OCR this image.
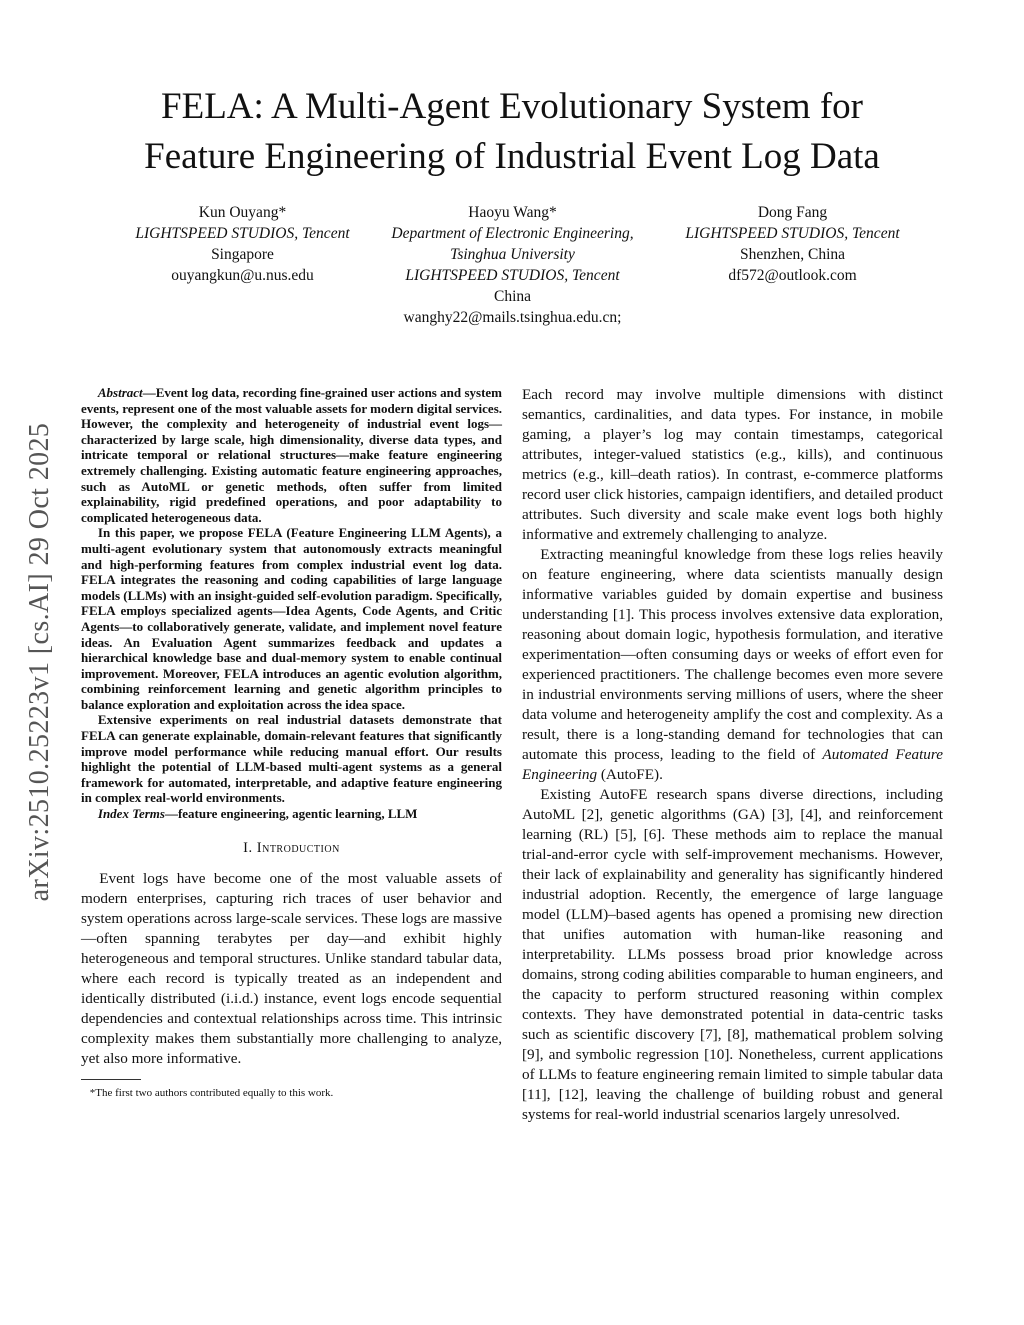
FELA: A Multi-Agent Evolutionary System for
Feature Engineering of Industrial Event Log Data
Kun Ouyang*
LIGHTSPEED STUDIOS, Tencent
Singapore
ouyangkun@u.nus.edu
Haoyu Wang*
Department of Electronic Engineering,
Tsinghua University
LIGHTSPEED STUDIOS, Tencent
China
wanghy22@mails.tsinghua.edu.cn;
Dong Fang
LIGHTSPEED STUDIOS, Tencent
Shenzhen, China
df572@outlook.com
arXiv:2510.25223v1 [cs.AI] 29 Oct 2025

Abstract—Event log data, recording fine-grained user actions and system events, represent one of the most valuable assets for modern digital services. However, the complexity and heterogeneity of industrial event logs—characterized by large scale, high dimensionality, diverse data types, and intricate temporal or relational structures—make feature engineering extremely challenging. Existing automatic feature engineering approaches, such as AutoML or genetic methods, often suffer from limited explainability, rigid predefined operations, and poor adaptability to complicated heterogeneous data.

In this paper, we propose FELA (Feature Engineering LLM Agents), a multi-agent evolutionary system that autonomously extracts meaningful and high-performing features from complex industrial event log data. FELA integrates the reasoning and coding capabilities of large language models (LLMs) with an insight-guided self-evolution paradigm. Specifically, FELA employs specialized agents—Idea Agents, Code Agents, and Critic Agents—to collaboratively generate, validate, and implement novel feature ideas. An Evaluation Agent summarizes feedback and updates a hierarchical knowledge base and dual-memory system to enable continual improvement. Moreover, FELA introduces an agentic evolution algorithm, combining reinforcement learning and genetic algorithm principles to balance exploration and exploitation across the idea space.

Extensive experiments on real industrial datasets demonstrate that FELA can generate explainable, domain-relevant features that significantly improve model performance while reducing manual effort. Our results highlight the potential of LLM-based multi-agent systems as a general framework for automated, interpretable, and adaptive feature engineering in complex real-world environments.

Index Terms—feature engineering, agentic learning, LLM

I. Introduction

Event logs have become one of the most valuable assets of modern enterprises, capturing rich traces of user behavior and system operations across large-scale services. These logs are massive—often spanning terabytes per day—and exhibit highly heterogeneous and temporal structures. Unlike standard tabular data, where each record is typically treated as an independent and identically distributed (i.i.d.) instance, event logs encode sequential dependencies and contextual relationships across time. This intrinsic complexity makes them substantially more challenging to analyze, yet also more informative.

*The first two authors contributed equally to this work.

Each record may involve multiple dimensions with distinct semantics, cardinalities, and data types. For instance, in mobile gaming, a player’s log may contain timestamps, categorical attributes, integer-valued statistics (e.g., kills), and continuous metrics (e.g., kill–death ratios). In contrast, e-commerce platforms record user click histories, campaign identifiers, and detailed product attributes. Such diversity and scale make event logs both highly informative and extremely challenging to analyze.

Extracting meaningful knowledge from these logs relies heavily on feature engineering, where data scientists manually design informative variables guided by domain expertise and business understanding [1]. This process involves extensive data exploration, reasoning about domain logic, hypothesis formulation, and iterative experimentation—often consuming days or weeks of effort even for experienced practitioners. The challenge becomes even more severe in industrial environments serving millions of users, where the sheer data volume and heterogeneity amplify the cost and complexity. As a result, there is a long-standing demand for technologies that can automate this process, leading to the field of Automated Feature Engineering (AutoFE).

Existing AutoFE research spans diverse directions, including AutoML [2], genetic algorithms (GA) [3], [4], and reinforcement learning (RL) [5], [6]. These methods aim to replace the manual trial-and-error cycle with self-improvement mechanisms. However, their lack of explainability and generality has significantly hindered industrial adoption. Recently, the emergence of large language model (LLM)–based agents has opened a promising new direction that unifies automation with human-like reasoning and interpretability. LLMs possess broad prior knowledge across domains, strong coding abilities comparable to human engineers, and the capacity to perform structured reasoning within complex contexts. They have demonstrated potential in data-centric tasks such as scientific discovery [7], [8], mathematical problem solving [9], and symbolic regression [10]. Nonetheless, current applications of LLMs to feature engineering remain limited to simple tabular data [11], [12], leaving the challenge of building robust and general systems for real-world industrial scenarios largely unresolved.
